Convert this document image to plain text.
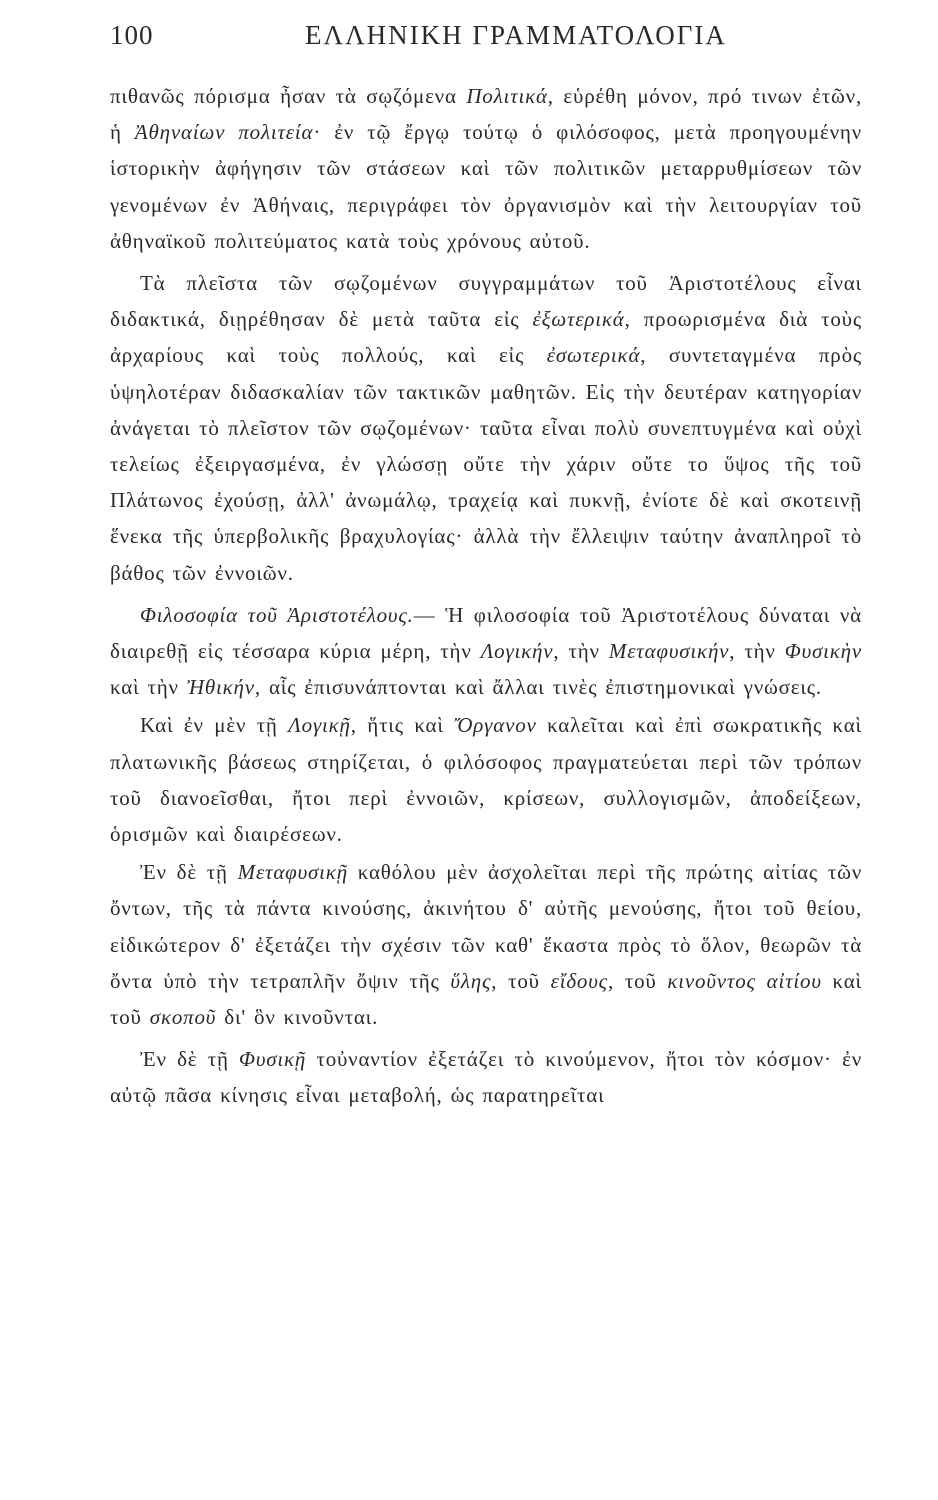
100	ΕΛΛΗΝΙΚΗ ΓΡΑΜΜΑΤΟΛΟΓΙΑ

πιθανῶς πόρισμα ἦσαν τὰ σῳζόμενα Πολιτικά, εὑρέθη μόνον, πρό τινων ἐτῶν, ἡ Ἀθηναίων πολιτεία· ἐν τῷ ἔργῳ τούτῳ ὁ φιλόσοφος, μετὰ προηγουμένην ἱστορικὴν ἀφήγησιν τῶν στάσεων καὶ τῶν πολιτικῶν μεταρρυθμίσεων τῶν γενομένων ἐν Ἀθήναις, περιγράφει τὸν ὀργανισμὸν καὶ τὴν λειτουργίαν τοῦ ἀθηναϊκοῦ πολιτεύματος κατὰ τοὺς χρόνους αὐτοῦ.

Τὰ πλεῖστα τῶν σῳζομένων συγγραμμάτων τοῦ Ἀριστοτέλους εἶναι διδακτικά, διῃρέθησαν δὲ μετὰ ταῦτα εἰς ἐξωτερικά, προωρισμένα διὰ τοὺς ἀρχαρίους καὶ τοὺς πολλούς, καὶ εἰς ἐσωτερικά, συντεταγμένα πρὸς ὑψηλοτέραν διδασκαλίαν τῶν τακτικῶν μαθητῶν. Εἰς τὴν δευτέραν κατηγορίαν ἀνάγεται τὸ πλεῖστον τῶν σῳζομένων· ταῦτα εἶναι πολὺ συνεπτυγμένα καὶ οὐχὶ τελείως ἐξειργασμένα, ἐν γλώσσῃ οὔτε τὴν χάριν οὔτε το ὕψος τῆς τοῦ Πλάτωνος ἐχούσῃ, ἀλλ' ἀνωμάλῳ, τραχείᾳ καὶ πυκνῇ, ἐνίοτε δὲ καὶ σκοτεινῇ ἕνεκα τῆς ὑπερβολικῆς βραχυλογίας· ἀλλὰ τὴν ἔλλειψιν ταύτην ἀναπληροῖ τὸ βάθος τῶν ἐννοιῶν.

Φιλοσοφία τοῦ Ἀριστοτέλους.— Ἡ φιλοσοφία τοῦ Ἀριστοτέλους δύναται νὰ διαιρεθῇ εἰς τέσσαρα κύρια μέρη, τὴν Λογικήν, τὴν Μεταφυσικήν, τὴν Φυσικὴν καὶ τὴν Ἠθικήν, αἷς ἐπισυνάπτονται καὶ ἄλλαι τινὲς ἐπιστημονικαὶ γνώσεις.

Καὶ ἐν μὲν τῇ Λογικῇ, ἥτις καὶ Ὄργανον καλεῖται καὶ ἐπὶ σωκρατικῆς καὶ πλατωνικῆς βάσεως στηρίζεται, ὁ φιλόσοφος πραγματεύεται περὶ τῶν τρόπων τοῦ διανοεῖσθαι, ἤτοι περὶ ἐννοιῶν, κρίσεων, συλλογισμῶν, ἀποδείξεων, ὁρισμῶν καὶ διαιρέσεων.

Ἐν δὲ τῇ Μεταφυσικῇ καθόλου μὲν ἀσχολεῖται περὶ τῆς πρώτης αἰτίας τῶν ὄντων, τῆς τὰ πάντα κινούσης, ἀκινήτου δ' αὐτῆς μενούσης, ἤτοι τοῦ θείου, εἰδικώτερον δ' ἐξετάζει τὴν σχέσιν τῶν καθ' ἕκαστα πρὸς τὸ ὅλον, θεωρῶν τὰ ὄντα ὑπὸ τὴν τετραπλῆν ὄψιν τῆς ὕλης, τοῦ εἴδους, τοῦ κινοῦντος αἰτίου καὶ τοῦ σκοποῦ δι' ὃν κινοῦνται.

Ἐν δὲ τῇ Φυσικῇ τοὐναντίον ἐξετάζει τὸ κινούμενον, ἤτοι τὸν κόσμον· ἐν αὐτῷ πᾶσα κίνησις εἶναι μεταβολή, ὡς παρατηρεῖται
